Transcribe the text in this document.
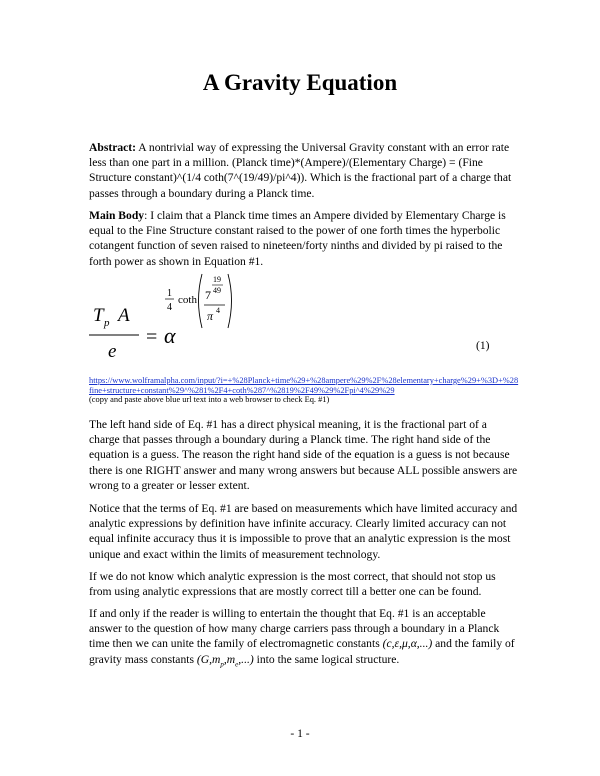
A Gravity Equation
Abstract: A nontrivial way of expressing the Universal Gravity constant with an error rate less than one part in a million. (Planck time)*(Ampere)/(Elementary Charge) = (Fine Structure constant)^(1/4 coth(7^(19/49)/pi^4)). Which is the fractional part of a charge that passes through a boundary during a Planck time.
Main Body: I claim that a Planck time times an Ampere divided by Elementary Charge is equal to the Fine Structure constant raised to the power of one forth times the hyperbolic cotangent function of seven raised to nineteen/forty ninths and divided by pi raised to the forth power as shown in Equation #1.
T p A
e
= α
1
4
coth 7
19
49
π 4
(1)
https://www.wolframalpha.com/input/?i=+%28Planck+time%29+%28ampere%29%2F%28elementary+charge%29+%3D+%28fine+structure+constant%29^%281%2F4+coth%287^%2819%2F49%29%2Fpi^4%29%29
(copy and paste above blue url text into a web browser to check Eq. #1)
The left hand side of Eq. #1 has a direct physical meaning, it is the fractional part of a charge that passes through a boundary during a Planck time. The right hand side of the equation is a guess. The reason the right hand side of the equation is a guess is not because there is one RIGHT answer and many wrong answers but because ALL possible answers are wrong to a greater or lesser extent.
Notice that the terms of Eq. #1 are based on measurements which have limited accuracy and analytic expressions by definition have infinite accuracy. Clearly limited accuracy can not equal infinite accuracy thus it is impossible to prove that an analytic expression is the most unique and exact within the limits of measurement technology.
If we do not know which analytic expression is the most correct, that should not stop us from using analytic expressions that are mostly correct till a better one can be found.
If and only if the reader is willing to entertain the thought that Eq. #1 is an acceptable answer to the question of how many charge carriers pass through a boundary in a Planck time then we can unite the family of electromagnetic constants (c,ε,μ,α,...) and the family of gravity mass constants $(G,m_p,m_e,...)$ into the same logical structure.
- 1 -
